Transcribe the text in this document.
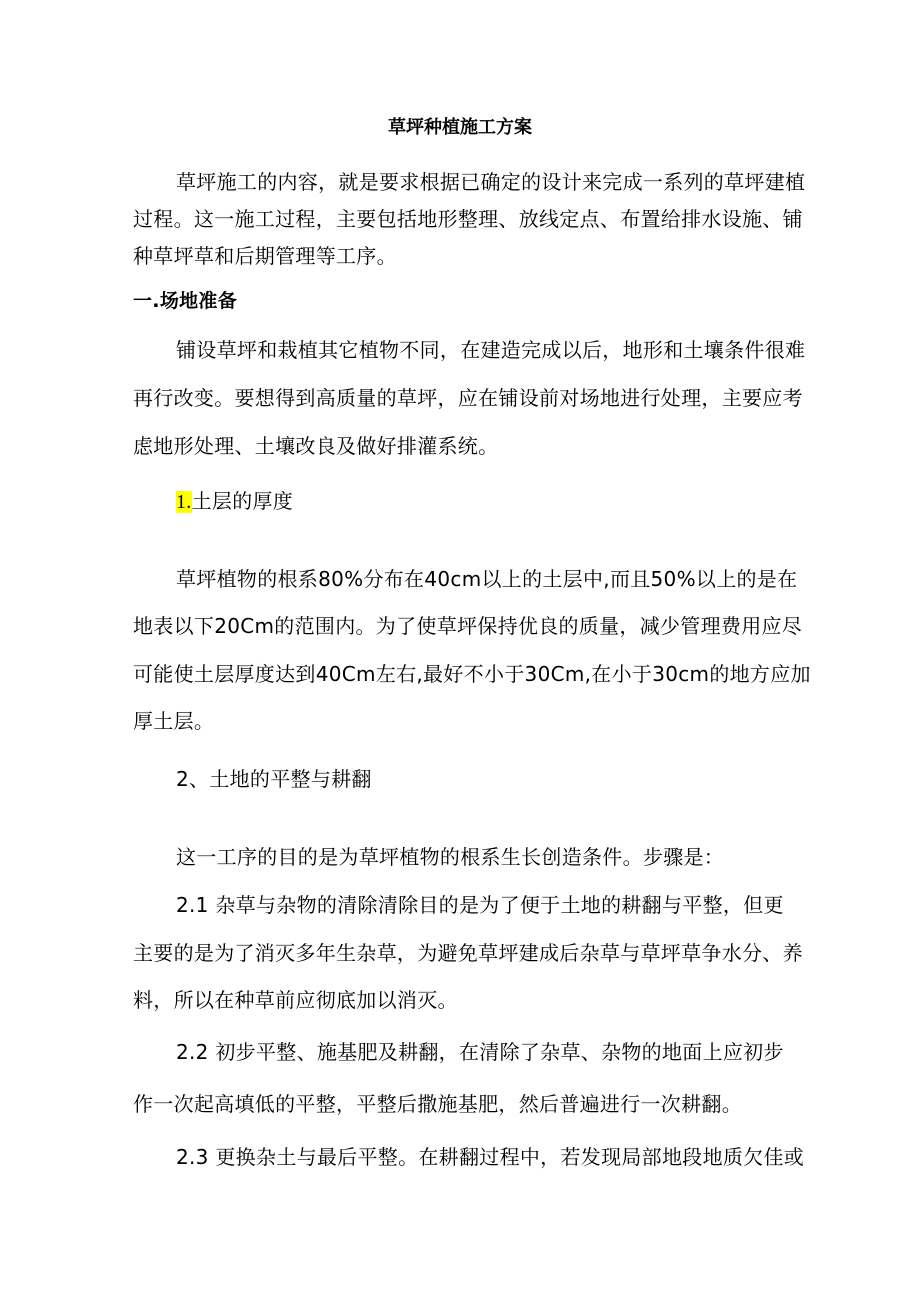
草坪种植施工方案
草坪施工的内容，就是要求根据已确定的设计来完成一系列的草坪建植
过程。这一施工过程，主要包括地形整理、放线定点、布置给排水设施、铺
种草坪草和后期管理等工序。
一.场地准备
铺设草坪和栽植其它植物不同，在建造完成以后，地形和土壤条件很难
再行改变。要想得到高质量的草坪，应在铺设前对场地进行处理，主要应考
虑地形处理、土壤改良及做好排灌系统。
1.土层的厚度
草坪植物的根系80%分布在40cm以上的土层中,而且50%以上的是在
地表以下20Cm的范围内。为了使草坪保持优良的质量，减少管理费用应尽
可能使土层厚度达到40Cm左右,最好不小于30Cm,在小于30cm的地方应加
厚土层。
2、土地的平整与耕翻
这一工序的目的是为草坪植物的根系生长创造条件。步骤是：
2.1 杂草与杂物的清除清除目的是为了便于土地的耕翻与平整，但更
主要的是为了消灭多年生杂草，为避免草坪建成后杂草与草坪草争水分、养
料，所以在种草前应彻底加以消灭。
2.2 初步平整、施基肥及耕翻，在清除了杂草、杂物的地面上应初步
作一次起高填低的平整，平整后撒施基肥，然后普遍进行一次耕翻。
2.3 更换杂土与最后平整。在耕翻过程中，若发现局部地段地质欠佳或
